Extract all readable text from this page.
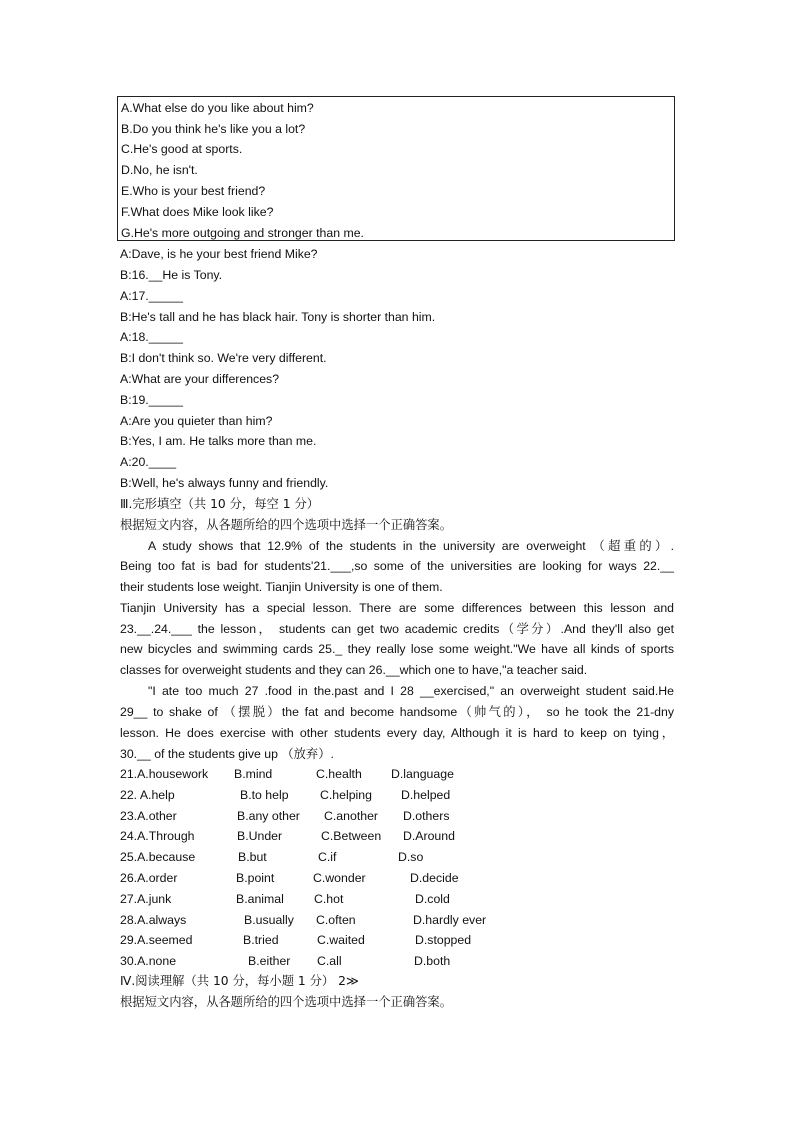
A.What else do you like about him?
B.Do you think he's like you a lot?
C.He's good at sports.
D.No, he isn't.
E.Who is your best friend?
F.What does Mike look like?
G.He's more outgoing and stronger than me.
A:Dave, is he your best friend Mike?
B:16.__He is Tony.
A:17._____
B:He's tall and he has black hair. Tony is shorter than him.
A:18._____
B:I don't think so. We're very different.
A:What are your differences?
B:19._____
A:Are you quieter than him?
B:Yes, I am. He talks more than me.
A:20.____
B:Well, he's always funny and friendly.
Ⅲ.完形填空（共 10 分，每空 1 分）
根据短文内容，从各题所给的四个选项中选择一个正确答案。
A study shows that 12.9% of the students in the university are overweight （超重的）.
Being too fat is bad for students'21.___,so some of the universities are looking for ways 22.__
their students lose weight. Tianjin University is one of them.
Tianjin University has a special lesson. There are some differences between this lesson and
23.__.24.___ the lesson， students can get two academic credits（学分）.And they'll also get
new bicycles and swimming cards 25._ they really lose some weight."We have all kinds of sports
classes for overweight students and they can 26.__which one to have,"a teacher said.
"I ate too much 27 .food in the.past and I 28 __exercised," an overweight student said.He
29__ to shake of （摆脱）the fat and become handsome（帅气的）， so he took the 21-dny
lesson. He does exercise with other students every day, Although it is hard to keep on tying，
30.__ of the students give up （放弃）.
21.A.housework B.mind	C.health D.language
22. A.help	B.to help	C.helping D.helped
23.A.other	B.any other C.another D.others
24.A.Through	B.Under	C.Between D.Around
25.A.because	B.but	C.if	D.so
26.A.order	B.point	C.wonder	D.decide
27.A.junk	B.animal C.hot	D.cold
28.A.always	B.usually C.often	D.hardly ever
29.A.seemed	B.tried	C.waited	D.stopped
30.A.none	B.either C.all	D.both
Ⅳ.阅读理解（共 10 分，每小题 1 分） 2≫
根据短文内容，从各题所给的四个选项中选择一个正确答案。
